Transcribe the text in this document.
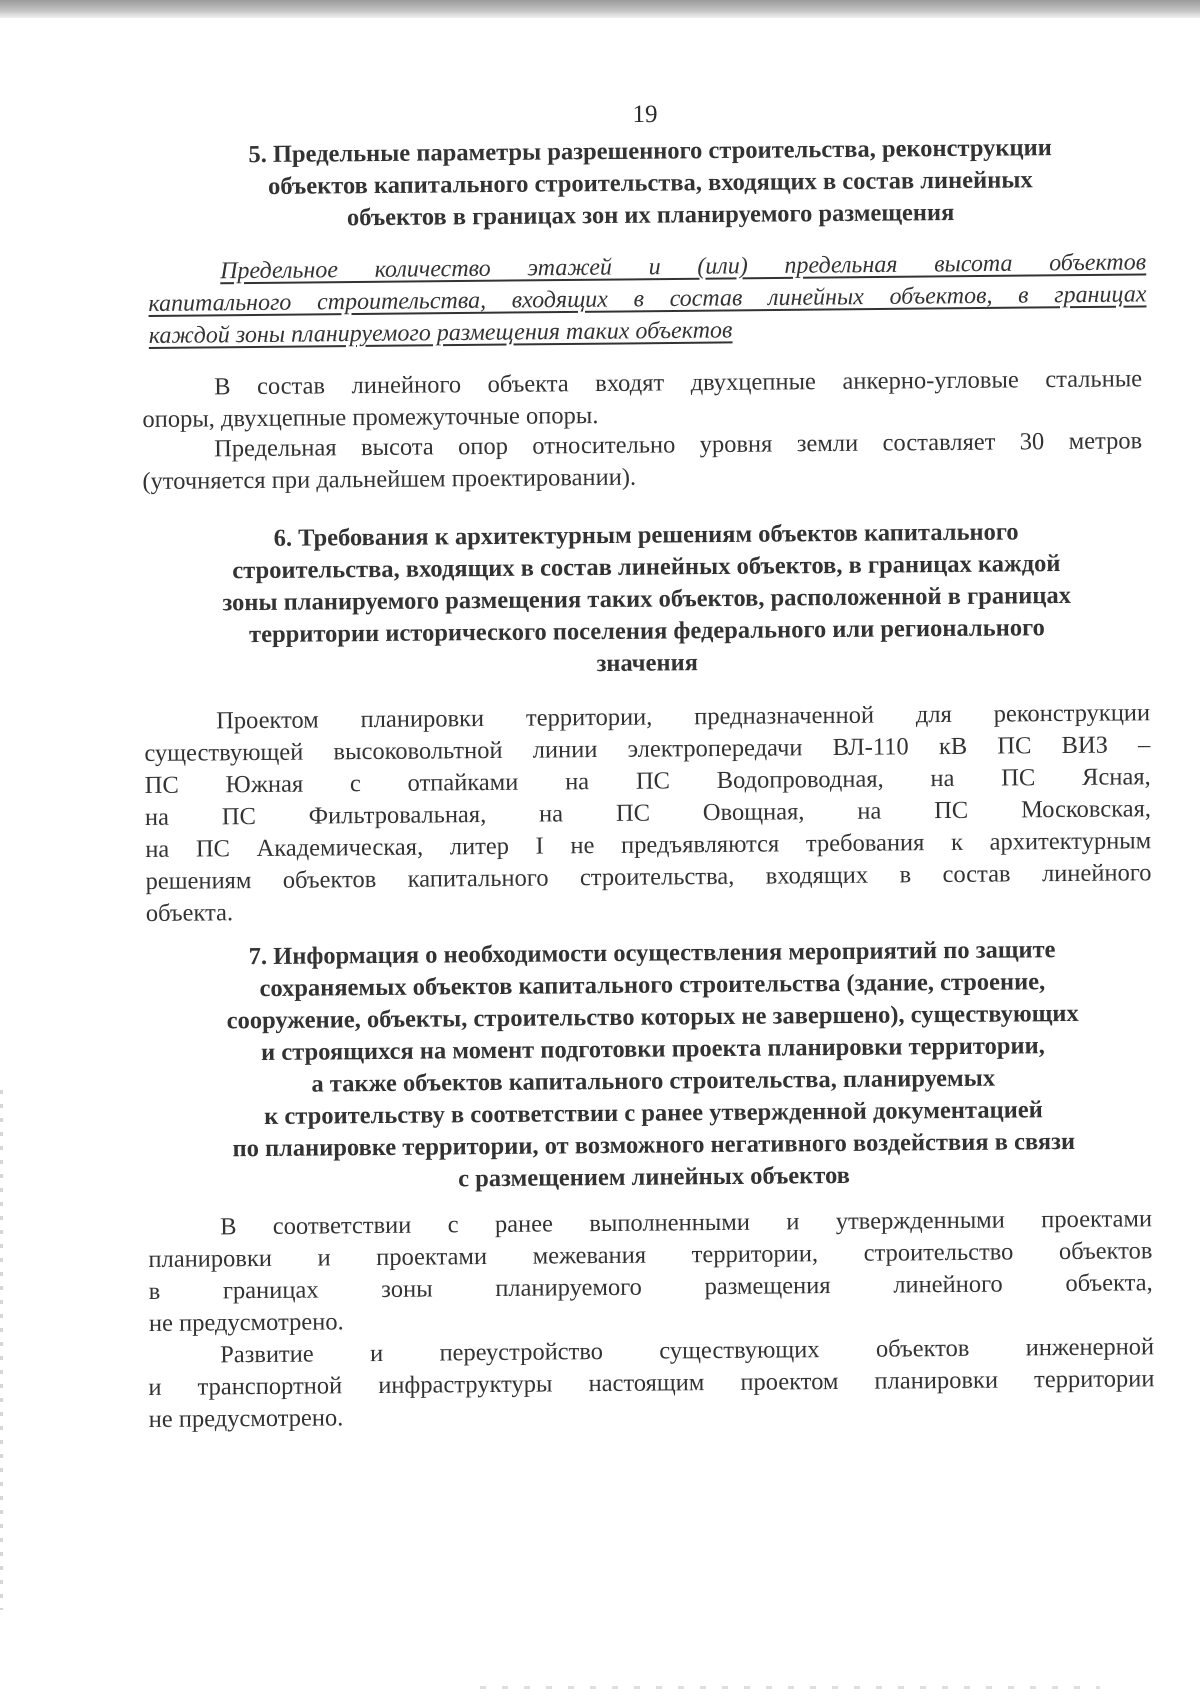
19
5. Предельные параметры разрешенного строительства, реконструкции
объектов капитального строительства, входящих в состав линейных
объектов в границах зон их планируемого размещения
Предельное количество этажей и (или) предельная высота объектов
капитального строительства, входящих в состав линейных объектов, в границах
каждой зоны планируемого размещения таких объектов
В состав линейного объекта входят двухцепные анкерно-угловые стальные
опоры, двухцепные промежуточные опоры.
Предельная высота опор относительно уровня земли составляет 30 метров
(уточняется при дальнейшем проектировании).
6. Требования к архитектурным решениям объектов капитального
строительства, входящих в состав линейных объектов, в границах каждой
зоны планируемого размещения таких объектов, расположенной в границах
территории исторического поселения федерального или регионального
значения
Проектом планировки территории, предназначенной для реконструкции
существующей высоковольтной линии электропередачи ВЛ-110 кВ ПС ВИЗ –
ПС Южная с отпайками на ПС Водопроводная, на ПС Ясная,
на ПС Фильтровальная, на ПС Овощная, на ПС Московская,
на ПС Академическая, литер I не предъявляются требования к архитектурным
решениям объектов капитального строительства, входящих в состав линейного
объекта.
7. Информация о необходимости осуществления мероприятий по защите
сохраняемых объектов капитального строительства (здание, строение,
сооружение, объекты, строительство которых не завершено), существующих
и строящихся на момент подготовки проекта планировки территории,
а также объектов капитального строительства, планируемых
к строительству в соответствии с ранее утвержденной документацией
по планировке территории, от возможного негативного воздействия в связи
с размещением линейных объектов
В соответствии с ранее выполненными и утвержденными проектами
планировки и проектами межевания территории, строительство объектов
в границах зоны планируемого размещения линейного объекта,
не предусмотрено.
Развитие и переустройство существующих объектов инженерной
и транспортной инфраструктуры настоящим проектом планировки территории
не предусмотрено.
